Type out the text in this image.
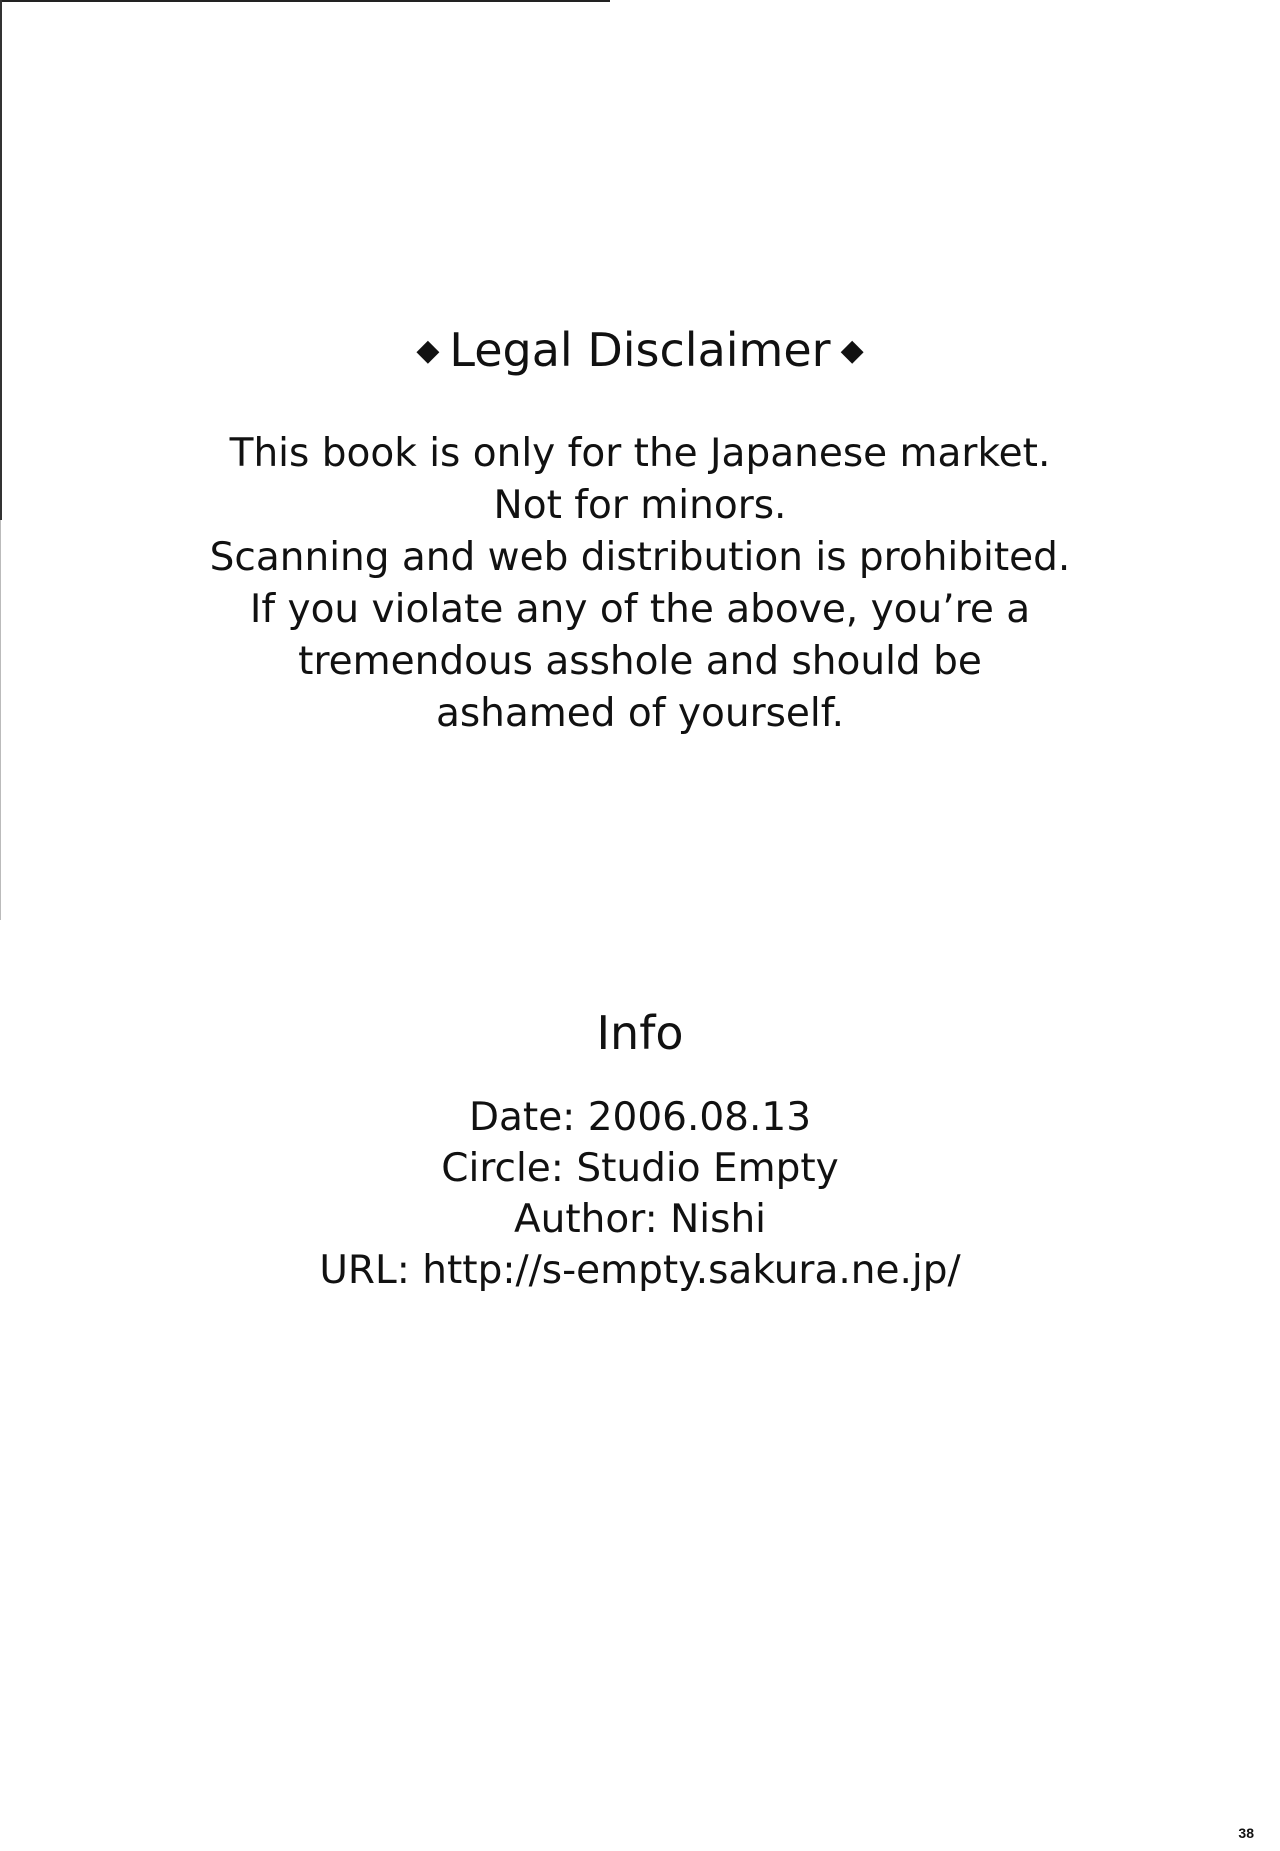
◆ Legal Disclaimer ◆
This book is only for the Japanese market.
Not for minors.
Scanning and web distribution is prohibited.
If you violate any of the above, you’re a
tremendous asshole and should be
ashamed of yourself.
Info
Date: 2006.08.13
Circle: Studio Empty
Author: Nishi
URL: http://s-empty.sakura.ne.jp/
38
